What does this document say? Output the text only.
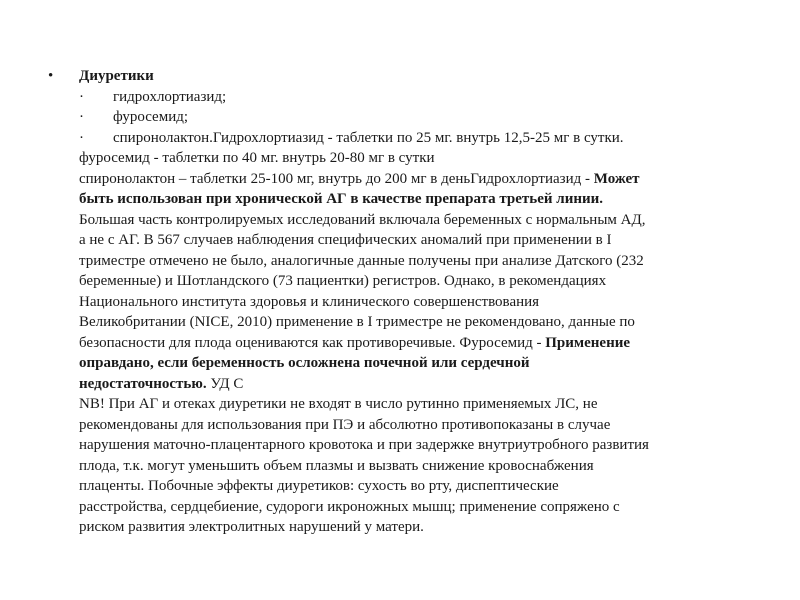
• Диуретики
· гидрохлортиазид;
· фуросемид;
· спиронолактон.Гидрохлортиазид - таблетки по 25 мг. внутрь 12,5-25 мг в сутки.
фуросемид - таблетки по 40 мг. внутрь 20-80 мг в сутки
спиронолактон – таблетки 25-100 мг, внутрь до 200 мг в деньГидрохлортиазид - Может
быть использован при хронической АГ в качестве препарата третьей линии.
Большая часть контролируемых исследований включала беременных с нормальным АД,
а не с АГ. В 567 случаев наблюдения специфических аномалий при применении в I
триместре отмечено не было, аналогичные данные получены при анализе Датского (232
беременные) и Шотландского (73 пациентки) регистров. Однако, в рекомендациях
Национального института здоровья и клинического совершенствования
Великобритании (NICE, 2010) применение в I триместре не рекомендовано, данные по
безопасности для плода оцениваются как противоречивые. Фуросемид - Применение
оправдано, если беременность осложнена почечной или сердечной
недостаточностью. УД С
NB! При АГ и отеках диуретики не входят в число рутинно применяемых ЛС, не
рекомендованы для использования при ПЭ и абсолютно противопоказаны в случае
нарушения маточно-плацентарного кровотока и при задержке внутриутробного развития
плода, т.к. могут уменьшить объем плазмы и вызвать снижение кровоснабжения
плаценты. Побочные эффекты диуретиков: сухость во рту, диспептические
расстройства, сердцебиение, судороги икроножных мышц; применение сопряжено с
риском развития электролитных нарушений у матери.
